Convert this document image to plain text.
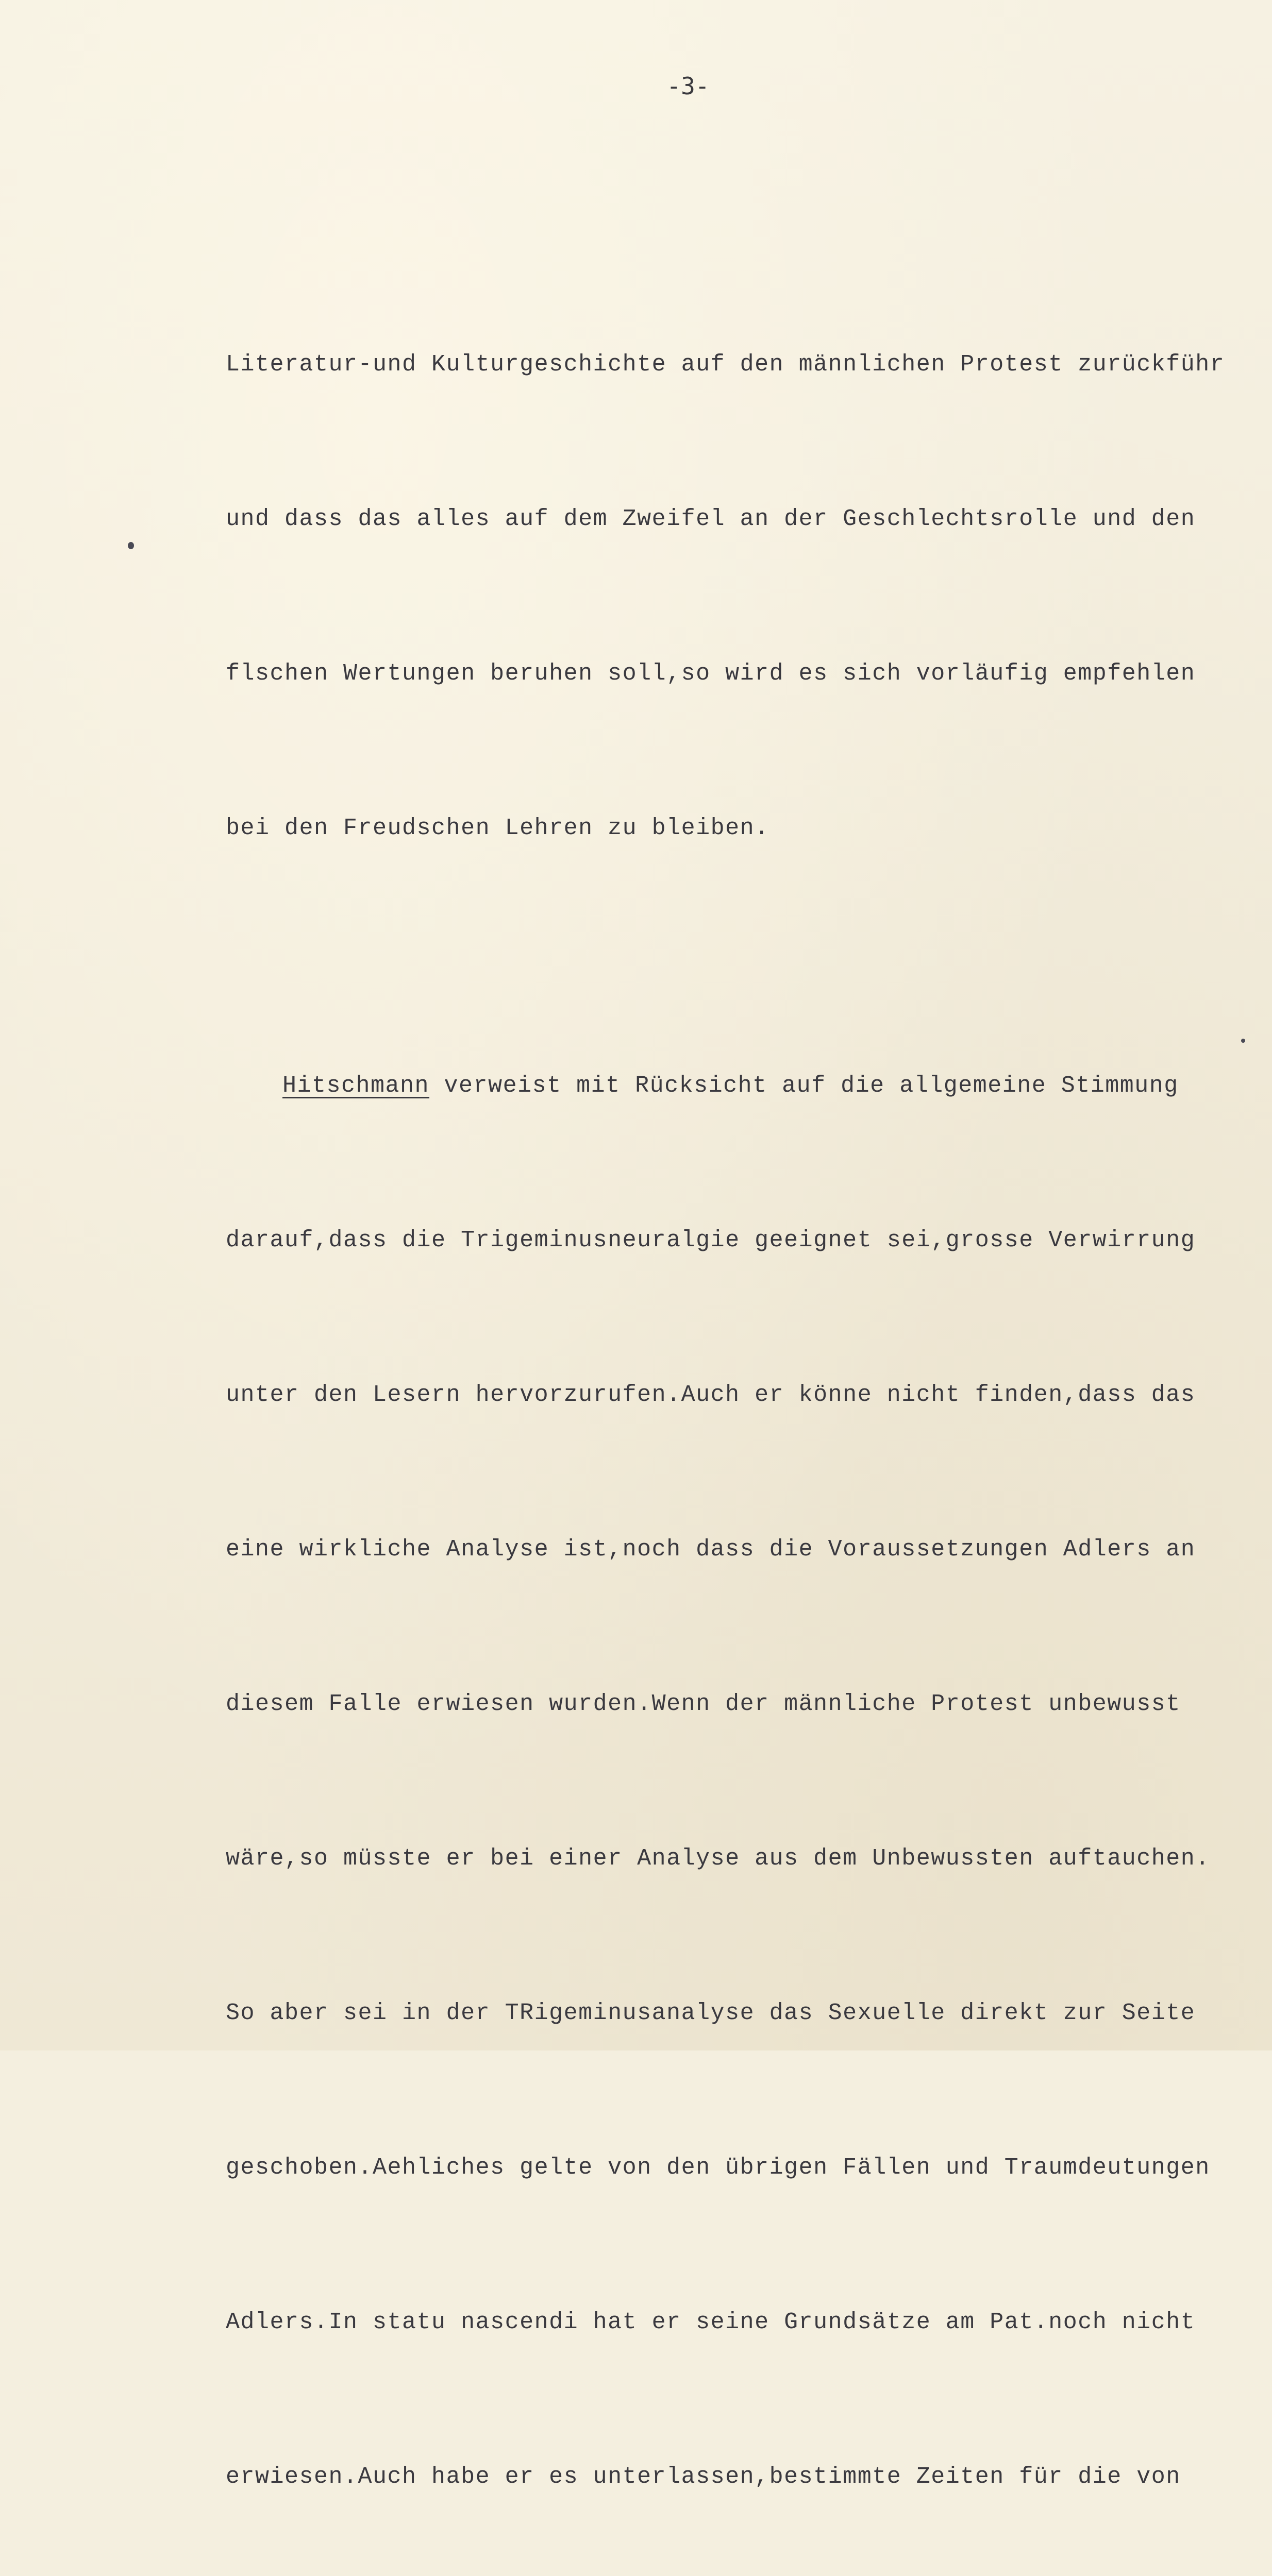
-3-

Literatur-und Kulturgeschichte auf den männlichen Protest zurückführ

und dass das alles auf dem Zweifel an der Geschlechtsrolle und den

flschen Wertungen beruhen soll,so wird es sich vorläufig empfehlen

bei den Freudschen Lehren zu bleiben.

Hitschmann verweist mit Rücksicht auf die allgemeine Stimmung

darauf,dass die Trigeminusneuralgie geeignet sei,grosse Verwirrung

unter den Lesern hervorzurufen.Auch er könne nicht finden,dass das

eine wirkliche Analyse ist,noch dass die Voraussetzungen Adlers an

diesem Falle erwiesen wurden.Wenn der männliche Protest unbewusst

wäre,so müsste er bei einer Analyse aus dem Unbewussten auftauchen.

So aber sei in der TRigeminusanalyse das Sexuelle direkt zur Seite

geschoben.Aehliches gelte von den übrigen Fällen und Traumdeutungen

Adlers.In statu nascendi hat er seine Grundsätze am Pat.noch nicht

erwiesen.Auch habe er es unterlassen,bestimmte Zeiten für die von
